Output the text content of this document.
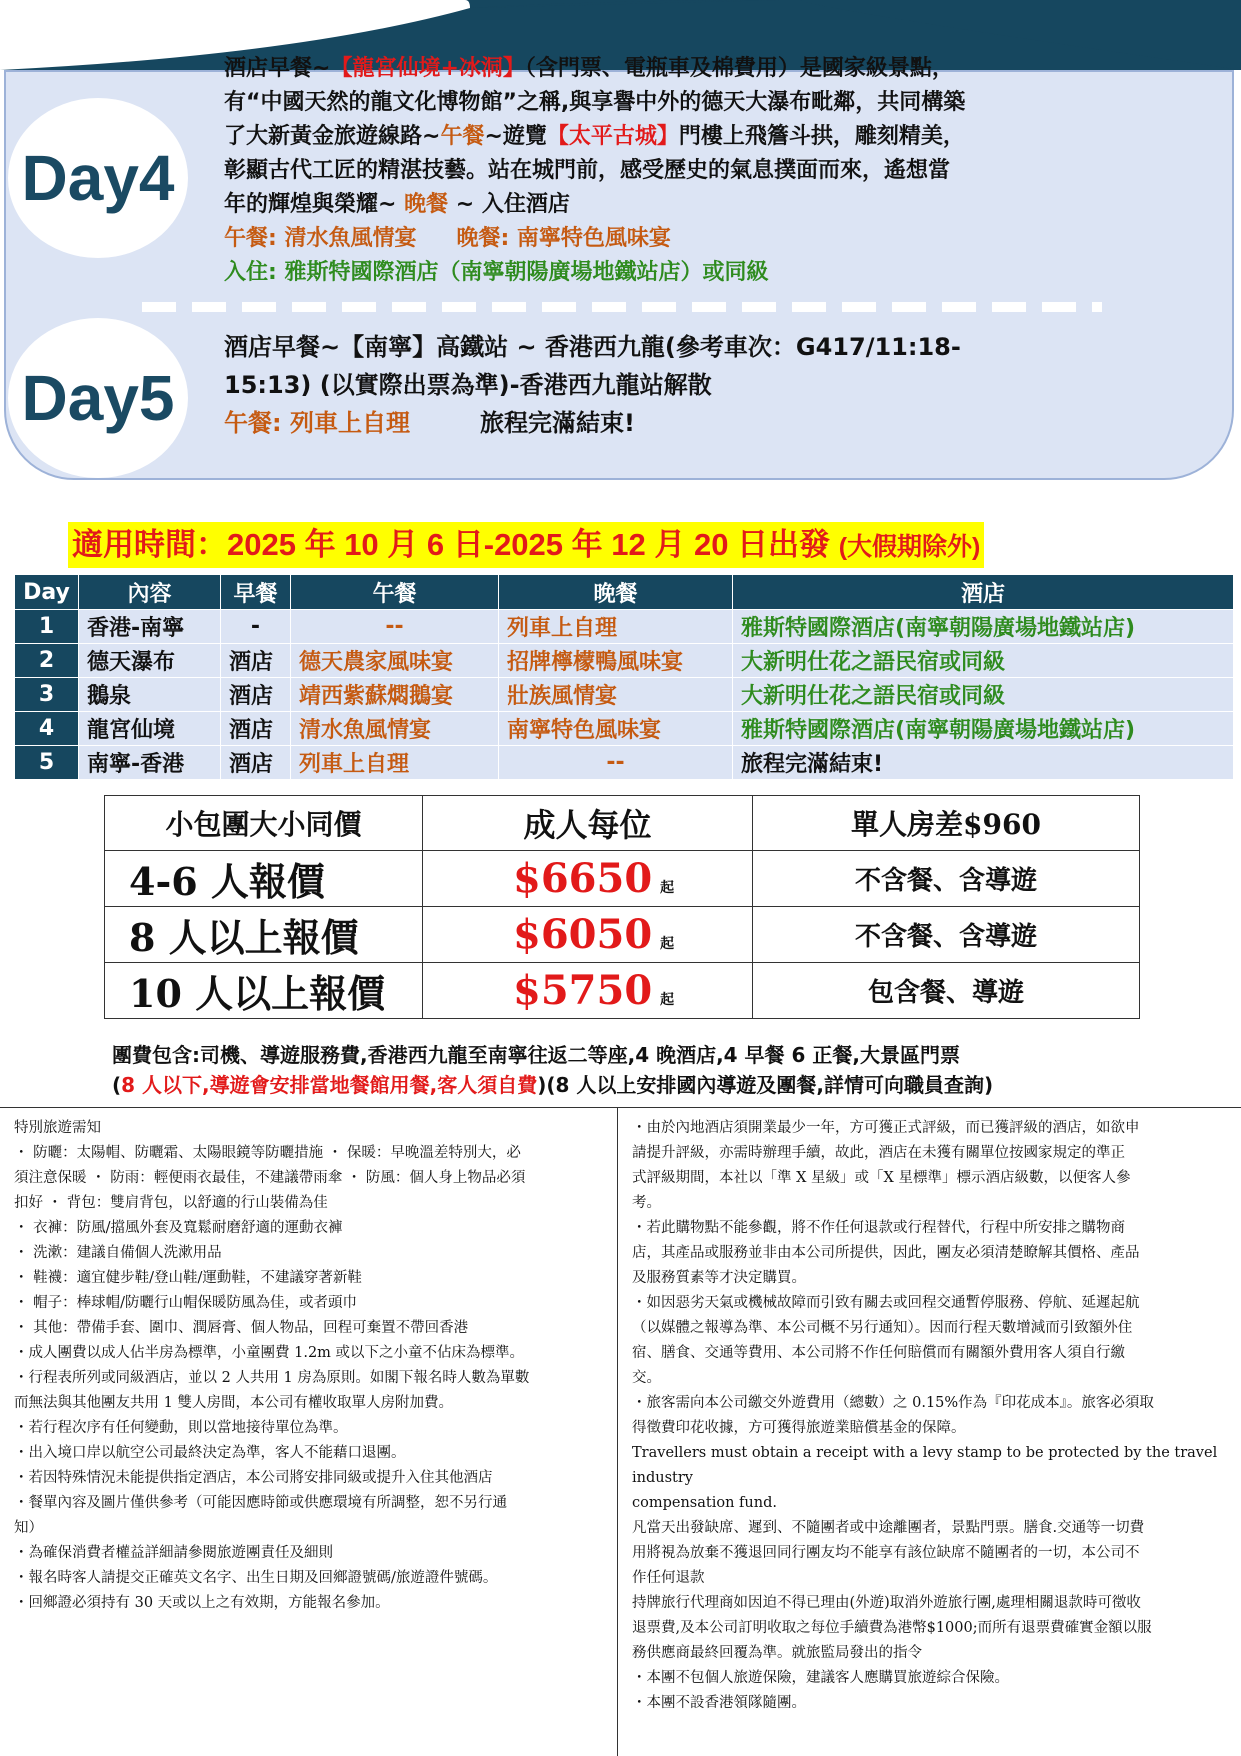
Day4
酒店早餐~【龍宮仙境+冰洞】（含門票、電瓶車及棉費用）是國家級景點，
有“中國天然的龍文化博物館”之稱,與享譽中外的德天大瀑布毗鄰，共同構築
了大新黃金旅遊線路~午餐~遊覽【太平古城】門樓上飛簷斗拱，雕刻精美，
彰顯古代工匠的精湛技藝。站在城門前，感受歷史的氣息撲面而來，遙想當
年的輝煌與榮耀~ 晚餐 ~ 入住酒店
午餐: 清水魚風情宴 晚餐: 南寧特色風味宴
入住: 雅斯特國際酒店（南寧朝陽廣場地鐵站店）或同級
Day5
酒店早餐~【南寧】高鐵站 ~ 香港西九龍(參考車次：G417/11:18-
15:13) (以實際出票為準)-香港西九龍站解散
午餐: 列車上自理	旅程完滿結束!
適用時間：2025 年 10 月 6 日-2025 年 12 月 20 日出發 (大假期除外)
Day	內容	早餐	午餐	晚餐	酒店
1	香港-南寧	-	--	列車上自理	雅斯特國際酒店(南寧朝陽廣場地鐵站店)
2	德天瀑布	酒店	德天農家風味宴	招牌檸檬鴨風味宴	大新明仕花之語民宿或同級
3	鵝泉	酒店	靖西紫蘇燜鵝宴	壯族風情宴	大新明仕花之語民宿或同級
4	龍宮仙境	酒店	清水魚風情宴	南寧特色風味宴	雅斯特國際酒店(南寧朝陽廣場地鐵站店)
5	南寧-香港	酒店	列車上自理	--	旅程完滿結束!
小包團大小同價	成人每位	單人房差$960
4-6 人報價	$6650 起	不含餐、含導遊
8 人以上報價	$6050 起	不含餐、含導遊
10 人以上報價	$5750 起	包含餐、導遊
團費包含:司機、導遊服務費,香港西九龍至南寧往返二等座,4 晚酒店,4 早餐 6 正餐,大景區門票
(8 人以下,導遊會安排當地餐館用餐,客人須自費)(8 人以上安排國內導遊及團餐,詳情可向職員查詢)
特別旅遊需知
・ 防曬：太陽帽、防曬霜、太陽眼鏡等防曬措施 ・ 保暖：早晚溫差特別大，必
須注意保暖 ・ 防雨：輕便雨衣最佳，不建議帶雨傘 ・ 防風：個人身上物品必須
扣好 ・ 背包：雙肩背包，以舒適的行山裝備為佳
・ 衣褲：防風/擋風外套及寬鬆耐磨舒適的運動衣褲
・ 洗漱：建議自備個人洗漱用品
・ 鞋襪：適宜健步鞋/登山鞋/運動鞋，不建議穿著新鞋
・ 帽子：棒球帽/防曬行山帽保暖防風為佳，或者頭巾
・ 其他：帶備手套、圍巾、潤唇膏、個人物品，回程可棄置不帶回香港
・成人團費以成人佔半房為標準，小童團費 1.2m 或以下之小童不佔床為標準。
・行程表所列或同級酒店，並以 2 人共用 1 房為原則。如閣下報名時人數為單數
而無法與其他團友共用 1 雙人房間，本公司有權收取單人房附加費。
・若行程次序有任何變動，則以當地接待單位為準。
・出入境口岸以航空公司最終決定為準，客人不能藉口退團。
・若因特殊情況未能提供指定酒店，本公司將安排同級或提升入住其他酒店
・餐單內容及圖片僅供參考（可能因應時節或供應環境有所調整，恕不另行通
知）
・為確保消費者權益詳細請參閱旅遊團責任及細則
・報名時客人請提交正確英文名字、出生日期及回鄉證號碼/旅遊證件號碼。
・回鄉證必須持有 30 天或以上之有效期，方能報名參加。
・由於內地酒店須開業最少一年，方可獲正式評級，而已獲評級的酒店，如欲申
請提升評級，亦需時辦理手續，故此，酒店在未獲有關單位按國家規定的準正
式評級期間，本社以「準 X 星級」或「X 星標準」標示酒店級數，以便客人參
考。
・若此購物點不能參觀，將不作任何退款或行程替代，行程中所安排之購物商
店，其產品或服務並非由本公司所提供，因此，團友必須清楚瞭解其價格、產品
及服務質素等才決定購買。
・如因惡劣天氣或機械故障而引致有關去或回程交通暫停服務、停航、延遲起航
（以媒體之報導為準、本公司概不另行通知）。因而行程天數增減而引致額外住
宿、膳食、交通等費用、本公司將不作任何賠償而有關額外費用客人須自行繳
交。
・旅客需向本公司繳交外遊費用（總數）之 0.15%作為『印花成本』。旅客必須取
得徵費印花收據，方可獲得旅遊業賠償基金的保障。
Travellers must obtain a receipt with a levy stamp to be protected by the travel industry
compensation fund.
凡當天出發缺席、遲到、不隨團者或中途離團者，景點門票。膳食.交通等一切費
用將視為放棄不獲退回同行團友均不能享有該位缺席不隨團者的一切，本公司不
作任何退款
持牌旅行代理商如因迫不得已理由(外遊)取消外遊旅行團,處理相關退款時可徵收
退票費,及本公司訂明收取之每位手續費為港幣$1000;而所有退票費確實金額以服
務供應商最終回覆為準。就旅監局發出的指令
・本團不包個人旅遊保險，建議客人應購買旅遊綜合保險。
・本團不設香港領隊隨團。
